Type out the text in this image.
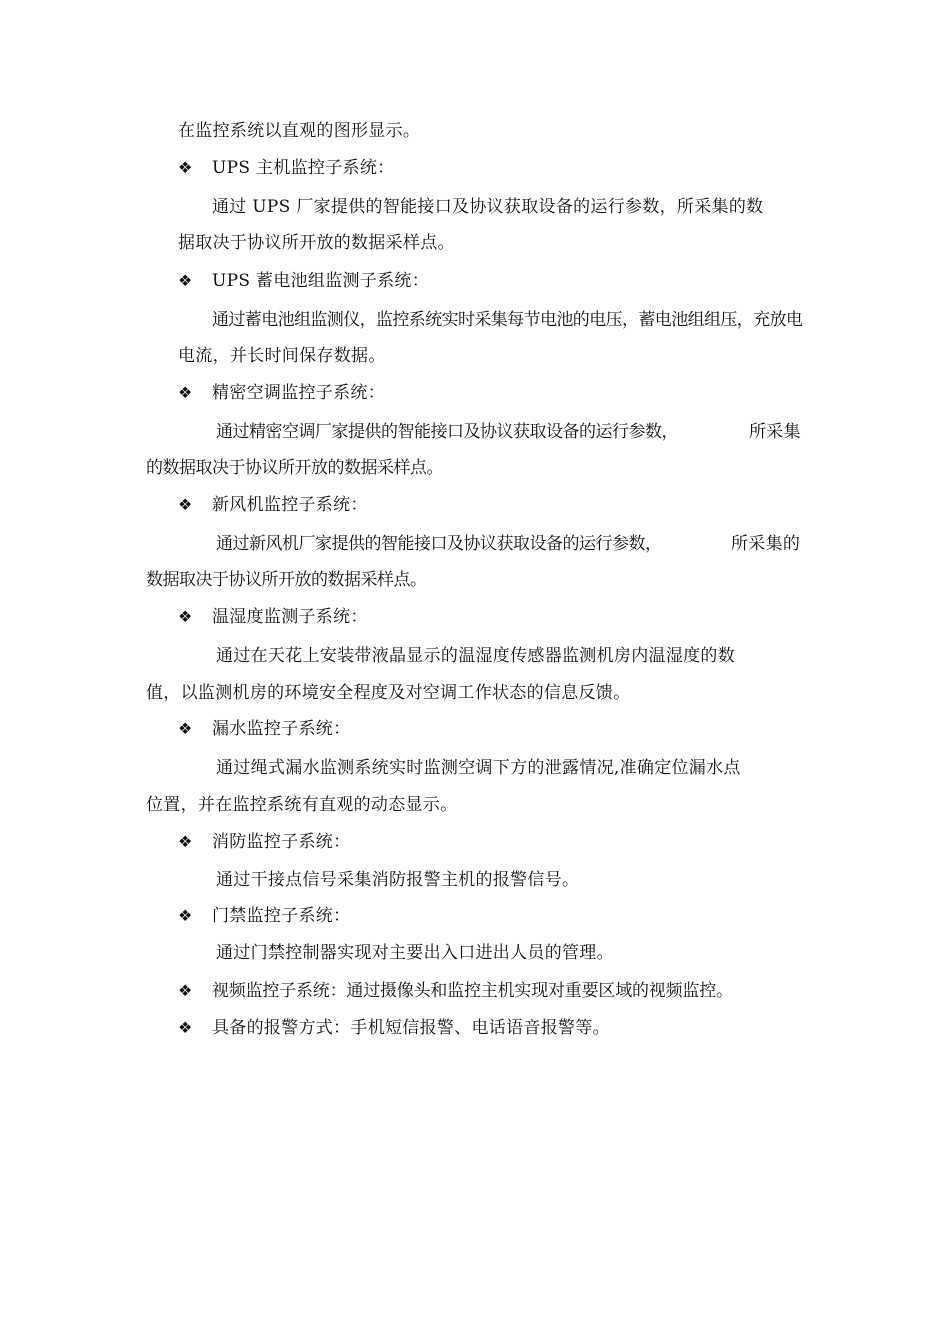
在监控系统以直观的图形显示。
❖ UPS 主机监控子系统：
通过 UPS 厂家提供的智能接口及协议获取设备的运行参数，所采集的数
据取决于协议所开放的数据采样点。
❖ UPS 蓄电池组监测子系统：
通过蓄电池组监测仪，监控系统实时采集每节电池的电压，蓄电池组组压，充放电
电流，并长时间保存数据。
❖ 精密空调监控子系统：
通过精密空调厂家提供的智能接口及协议获取设备的运行参数，	所采集
的数据取决于协议所开放的数据采样点。
❖ 新风机监控子系统：
通过新风机厂家提供的智能接口及协议获取设备的运行参数，	所采集的
数据取决于协议所开放的数据采样点。
❖ 温湿度监测子系统：
通过在天花上安装带液晶显示的温湿度传感器监测机房内温湿度的数
值，以监测机房的环境安全程度及对空调工作状态的信息反馈。
❖ 漏水监控子系统：
通过绳式漏水监测系统实时监测空调下方的泄露情况,准确定位漏水点
位置，并在监控系统有直观的动态显示。
❖ 消防监控子系统：
通过干接点信号采集消防报警主机的报警信号。
❖ 门禁监控子系统：
通过门禁控制器实现对主要出入口进出人员的管理。
❖ 视频监控子系统：通过摄像头和监控主机实现对重要区域的视频监控。
❖ 具备的报警方式：手机短信报警、电话语音报警等。
